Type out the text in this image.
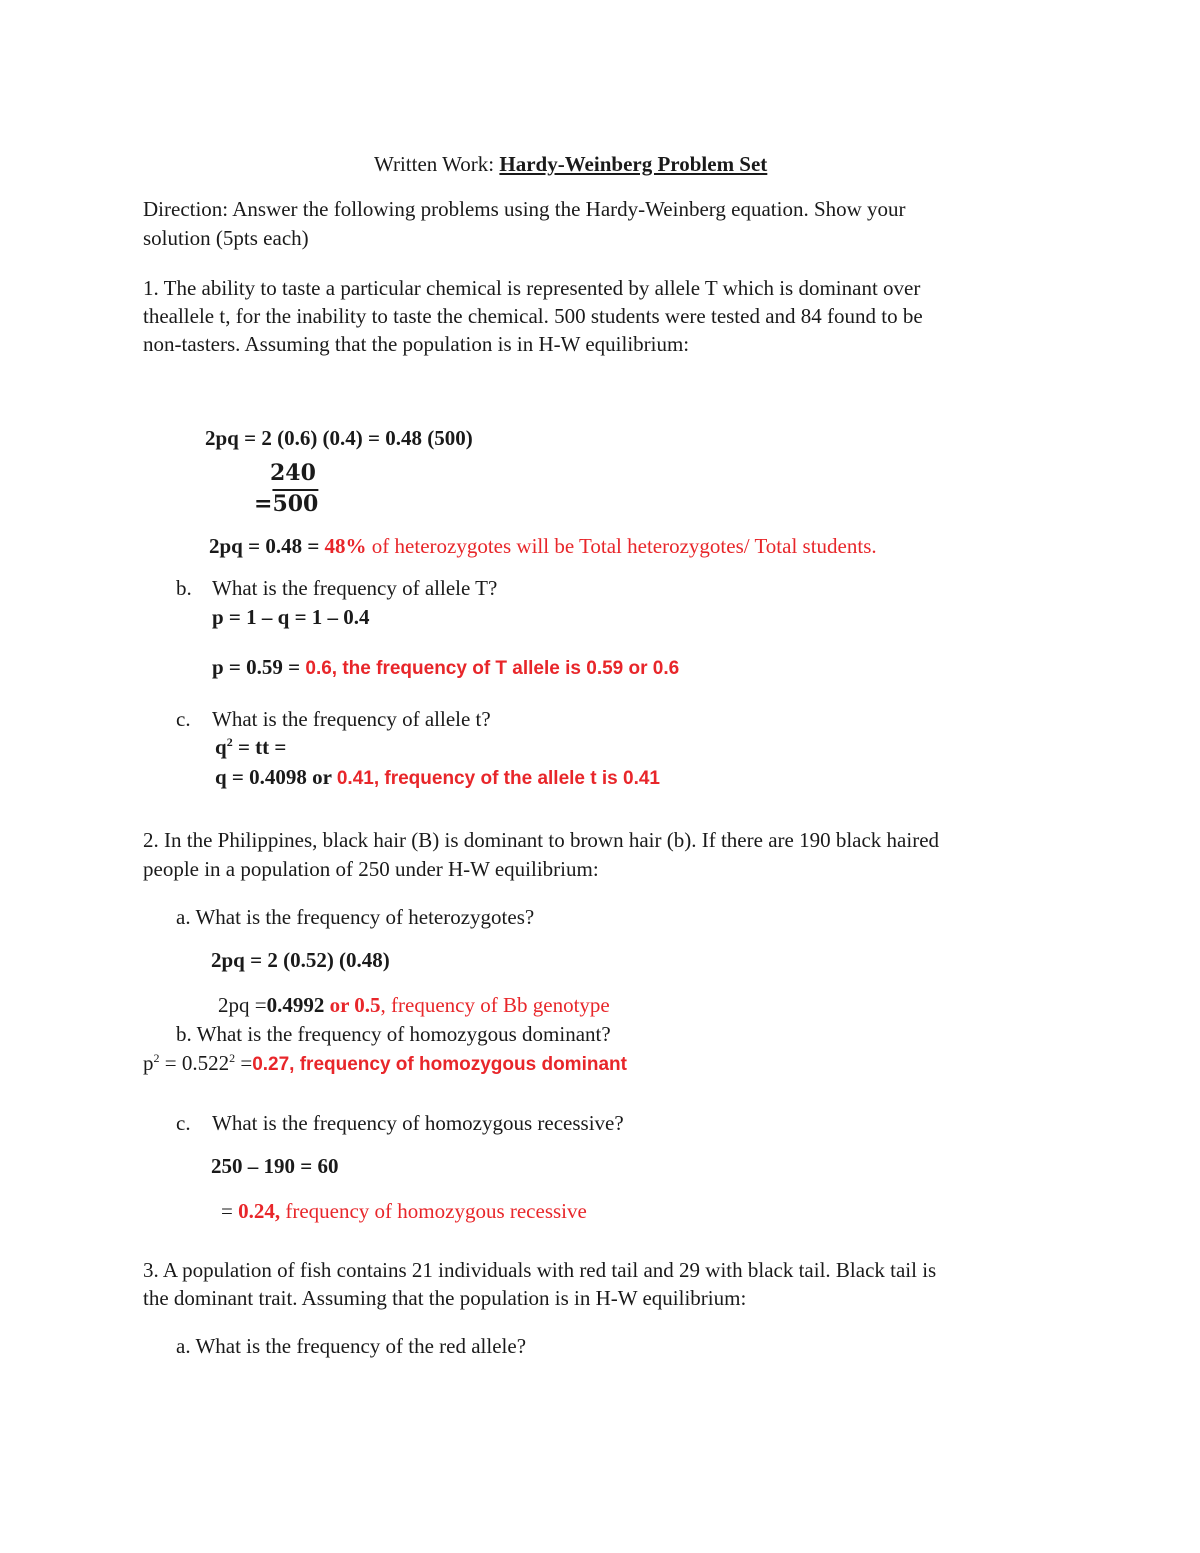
Written Work: Hardy-Weinberg Problem Set
Direction: Answer the following problems using the Hardy-Weinberg equation. Show your
solution (5pts each)
1. The ability to taste a particular chemical is represented by allele T which is dominant over
theallele t, for the inability to taste the chemical. 500 students were tested and 84 found to be
non-tasters. Assuming that the population is in H-W equilibrium:
2pq = 2 (0.6) (0.4) = 0.48 (500)
240
=500
2pq = 0.48 = 48% of heterozygotes will be Total heterozygotes/ Total students.
b. What is the frequency of allele T?
p = 1 – q = 1 – 0.4
p = 0.59 = 0.6, the frequency of T allele is 0.59 or 0.6
c. What is the frequency of allele t?
$q^2$ = tt =
q = 0.4098 or 0.41, frequency of the allele t is 0.41
2. In the Philippines, black hair (B) is dominant to brown hair (b). If there are 190 black haired
people in a population of 250 under H-W equilibrium:
a. What is the frequency of heterozygotes?
2pq = 2 (0.52) (0.48)
2pq =0.4992 or 0.5, frequency of Bb genotype
b. What is the frequency of homozygous dominant?
$p^2 = 0.522^2 =0.27$, frequency of homozygous dominant
c. What is the frequency of homozygous recessive?
250 – 190 = 60
= 0.24, frequency of homozygous recessive
3. A population of fish contains 21 individuals with red tail and 29 with black tail. Black tail is
the dominant trait. Assuming that the population is in H-W equilibrium:
a. What is the frequency of the red allele?
